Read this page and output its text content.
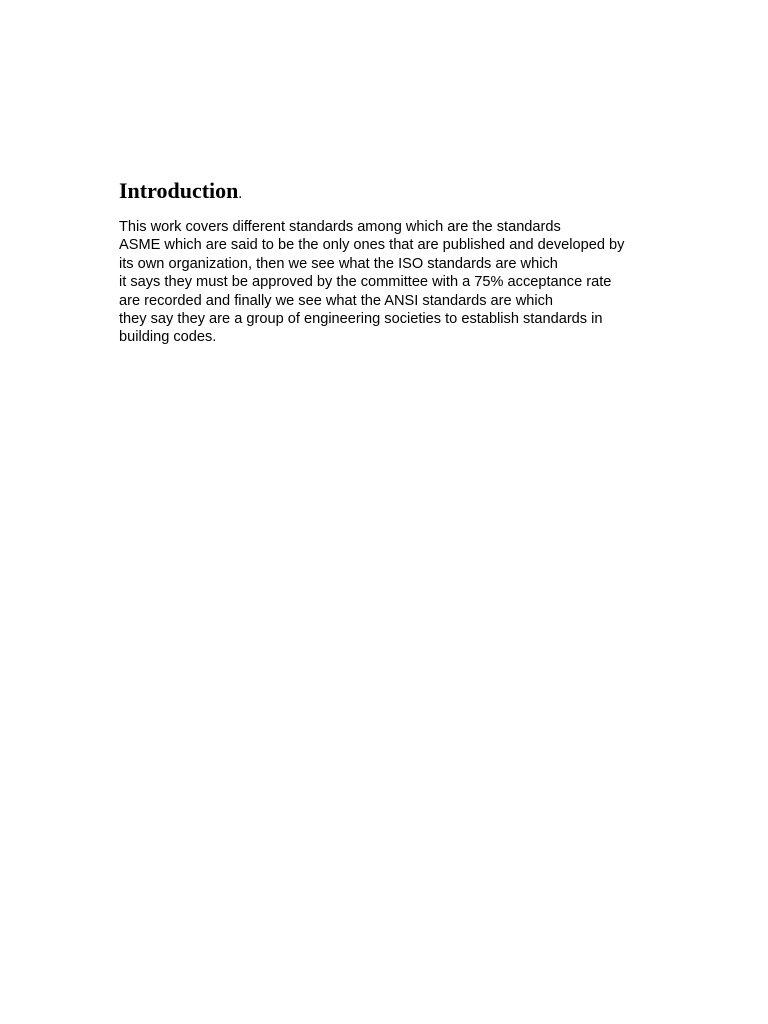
Introduction.

This work covers different standards among which are the standards
ASME which are said to be the only ones that are published and developed by
its own organization, then we see what the ISO standards are which
it says they must be approved by the committee with a 75% acceptance rate
are recorded and finally we see what the ANSI standards are which
they say they are a group of engineering societies to establish standards in
building codes.
